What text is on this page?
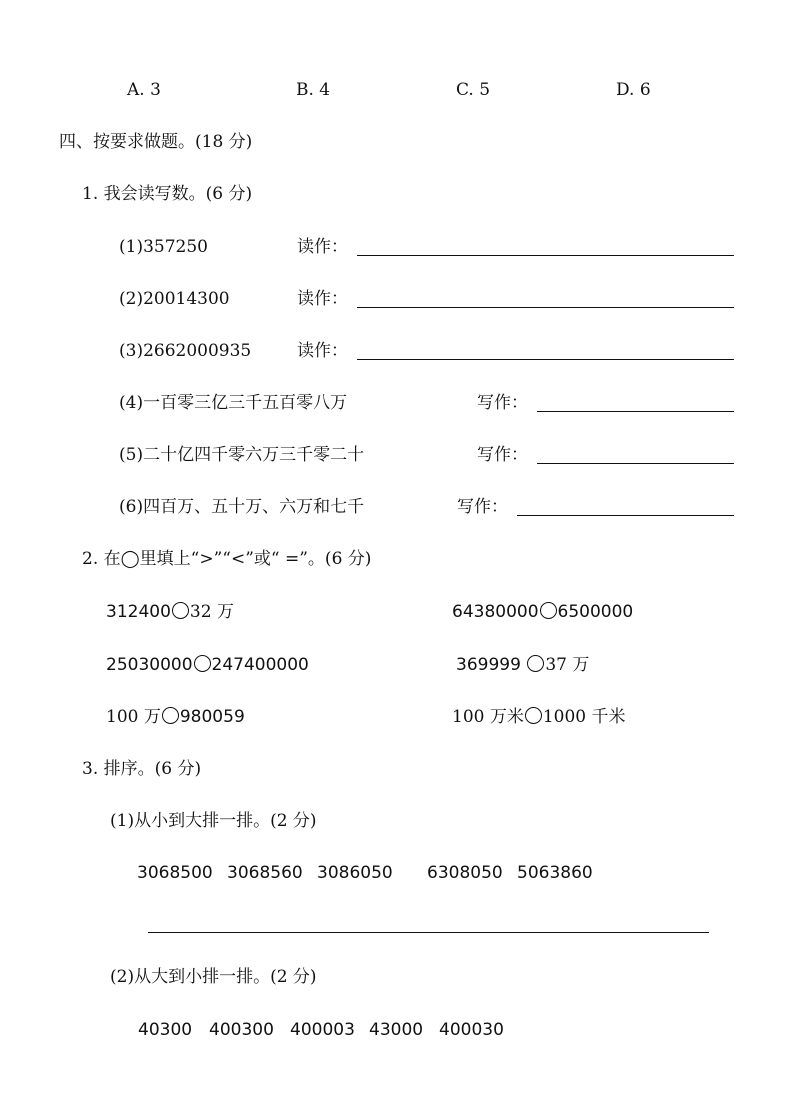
A. 3	B. 4	C. 5	D. 6
四、按要求做题。(18 分)
1. 我会读写数。(6 分)
(1)357250	读作：
(2)20014300	读作：
(3)2662000935	读作：
(4)一百零三亿三千五百零八万	写作：
(5)二十亿四千零六万三千零二十	写作：
(6)四百万、五十万、六万和七千	写作：
2. 在◯里填上“>”“<”或“ =”。(6 分)
312400 32 万	64380000 6500000
25030000 247400000	369999 37 万
100 万 980059	100 万米 1000 千米
3. 排序。(6 分)
(1)从小到大排一排。(2 分)
3068500 3068560 3086050 6308050 5063860
(2)从大到小排一排。(2 分)
40300 400300 400003 43000 400030
